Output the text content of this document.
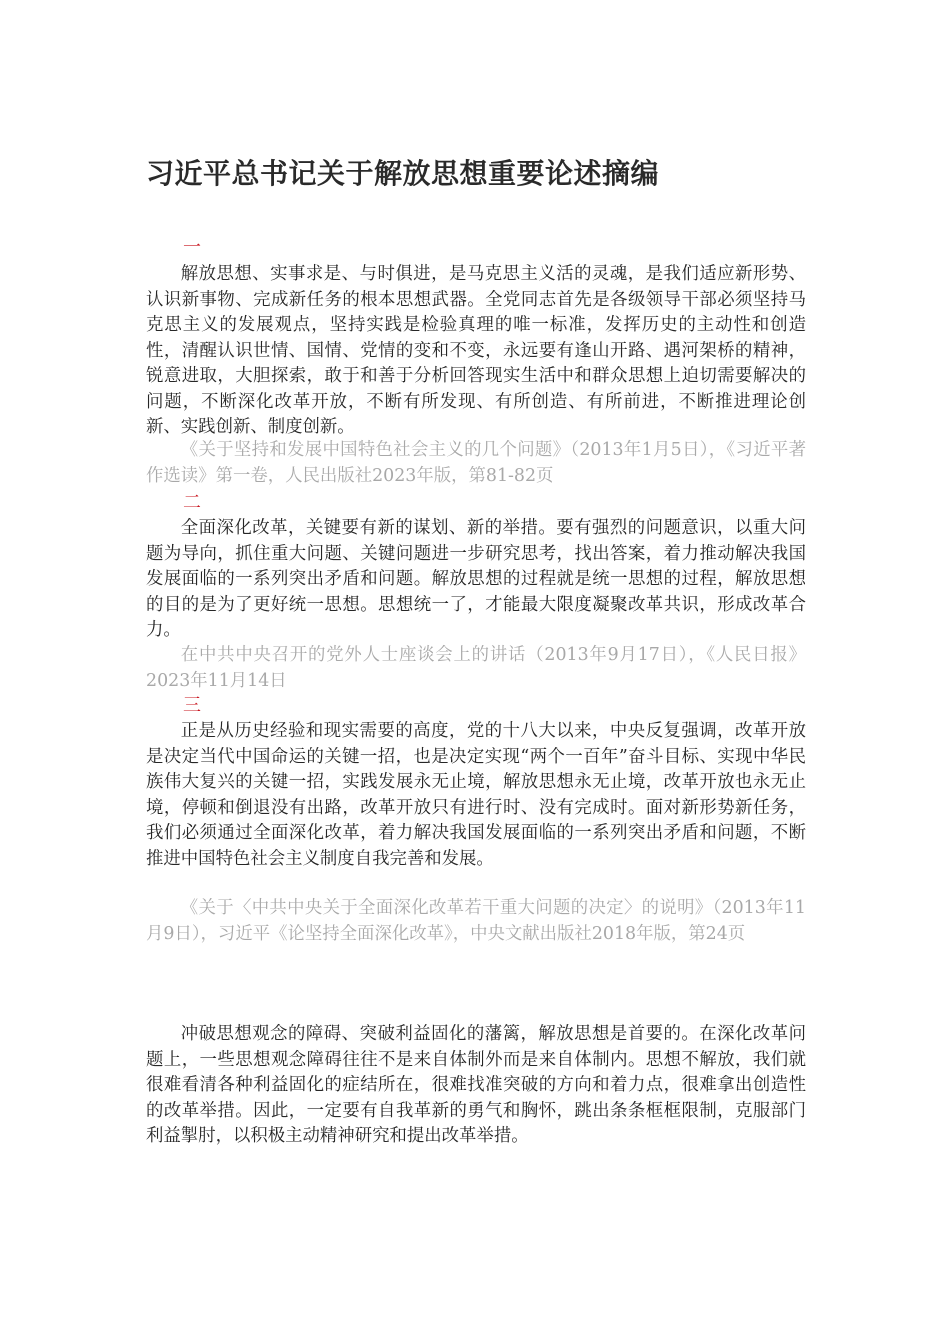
习近平总书记关于解放思想重要论述摘编
一

解放思想、实事求是、与时俱进，是马克思主义活的灵魂，是我们适应新形势、认识新事物、完成新任务的根本思想武器。全党同志首先是各级领导干部必须坚持马克思主义的发展观点，坚持实践是检验真理的唯一标准，发挥历史的主动性和创造性，清醒认识世情、国情、党情的变和不变，永远要有逢山开路、遇河架桥的精神，锐意进取，大胆探索，敢于和善于分析回答现实生活中和群众思想上迫切需要解决的问题，不断深化改革开放，不断有所发现、有所创造、有所前进，不断推进理论创新、实践创新、制度创新。

《关于坚持和发展中国特色社会主义的几个问题》（2013年1月5日），《习近平著作选读》第一卷，人民出版社2023年版，第81-82页

二

全面深化改革，关键要有新的谋划、新的举措。要有强烈的问题意识，以重大问题为导向，抓住重大问题、关键问题进一步研究思考，找出答案，着力推动解决我国发展面临的一系列突出矛盾和问题。解放思想的过程就是统一思想的过程，解放思想的目的是为了更好统一思想。思想统一了，才能最大限度凝聚改革共识，形成改革合力。

在中共中央召开的党外人士座谈会上的讲话（2013年9月17日），《人民日报》2023年11月14日

三

正是从历史经验和现实需要的高度，党的十八大以来，中央反复强调，改革开放是决定当代中国命运的关键一招，也是决定实现“两个一百年”奋斗目标、实现中华民族伟大复兴的关键一招，实践发展永无止境，解放思想永无止境，改革开放也永无止境，停顿和倒退没有出路，改革开放只有进行时、没有完成时。面对新形势新任务，我们必须通过全面深化改革，着力解决我国发展面临的一系列突出矛盾和问题，不断推进中国特色社会主义制度自我完善和发展。

《关于〈中共中央关于全面深化改革若干重大问题的决定〉的说明》（2013年11月9日），习近平《论坚持全面深化改革》，中央文献出版社2018年版，第24页

冲破思想观念的障碍、突破利益固化的藩篱，解放思想是首要的。在深化改革问题上，一些思想观念障碍往往不是来自体制外而是来自体制内。思想不解放，我们就很难看清各种利益固化的症结所在，很难找准突破的方向和着力点，很难拿出创造性的改革举措。因此，一定要有自我革新的勇气和胸怀，跳出条条框框限制，克服部门利益掣肘，以积极主动精神研究和提出改革举措。
